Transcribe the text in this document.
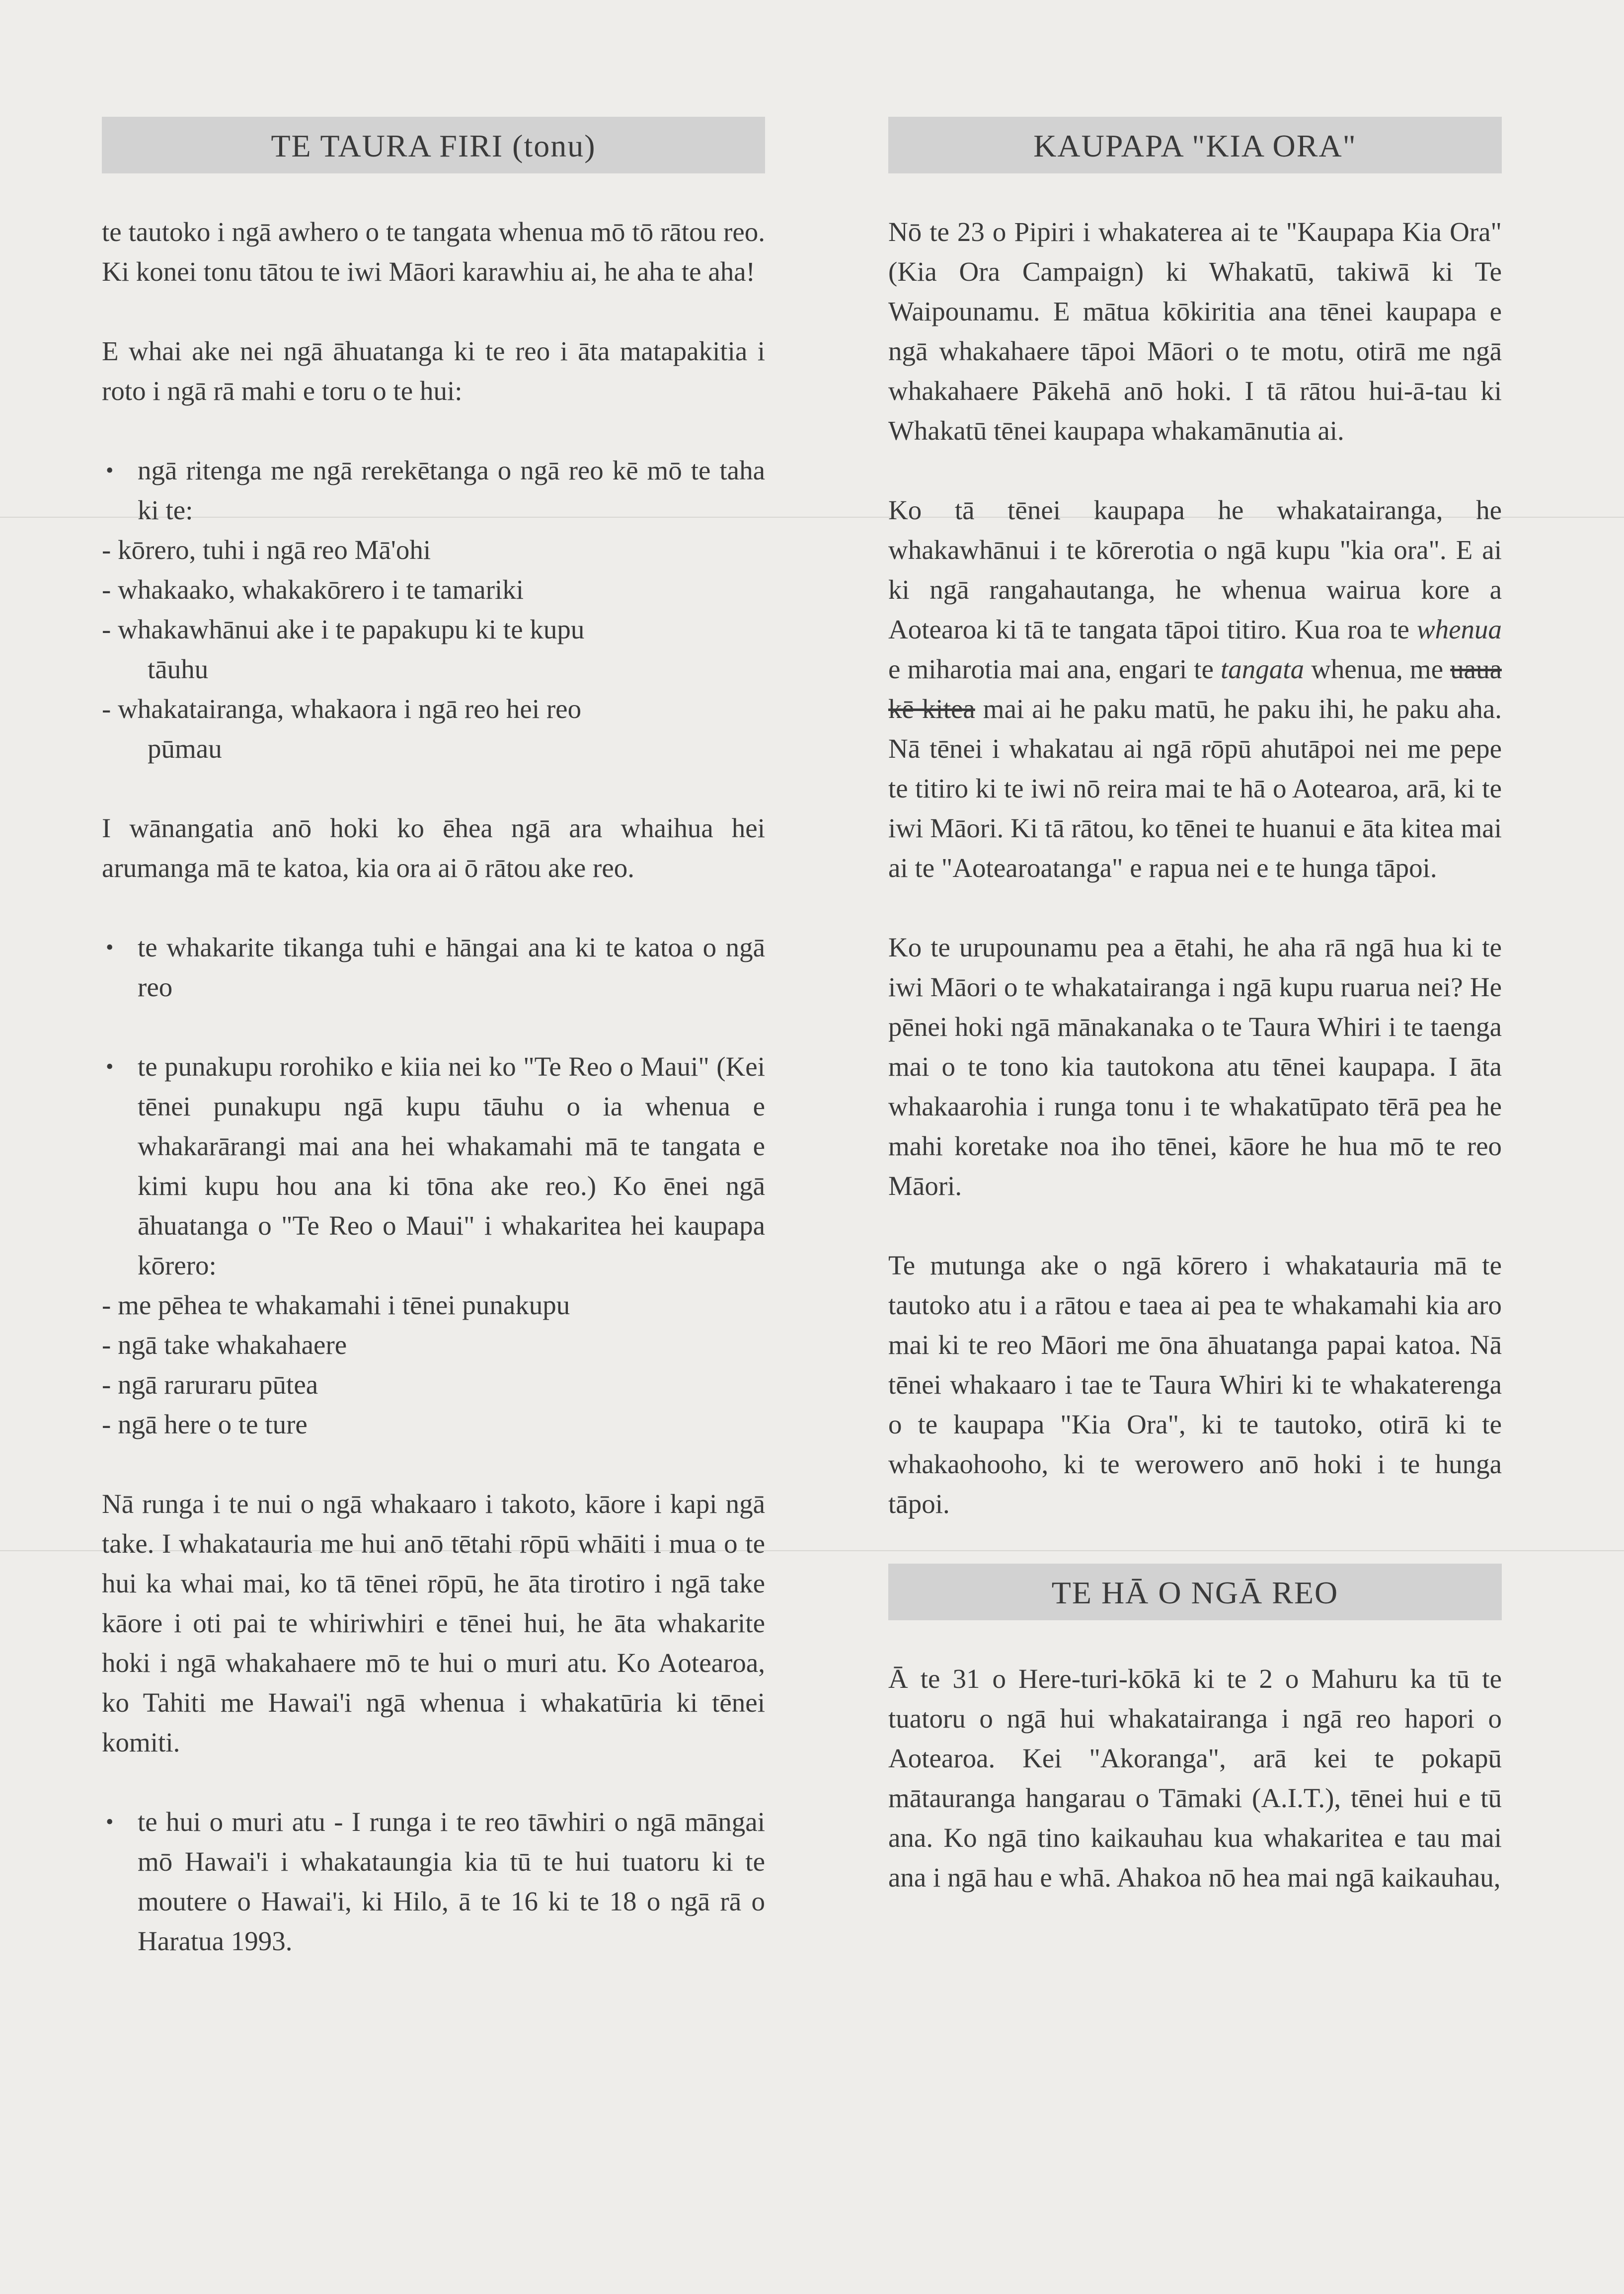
TE TAURA FIRI (tonu)

te tautoko i ngā awhero o te tangata whenua mō tō rātou reo. Ki konei tonu tātou te iwi Māori karawhiu ai, he aha te aha!

E whai ake nei ngā āhuatanga ki te reo i āta matapakitia i roto i ngā rā mahi e toru o te hui:

• ngā ritenga me ngā rerekētanga o ngā reo kē mō te taha ki te:
- kōrero, tuhi i ngā reo Mā'ohi
- whakaako, whakakōrero i te tamariki
- whakawhānui ake i te papakupu ki te kupu
tāuhu
- whakatairanga, whakaora i ngā reo hei reo
pūmau

I wānangatia anō hoki ko ēhea ngā ara whaihua hei arumanga mā te katoa, kia ora ai ō rātou ake reo.

• te whakarite tikanga tuhi e hāngai ana ki te katoa o ngā reo
• te punakupu rorohiko e kiia nei ko "Te Reo o Maui" (Kei tēnei punakupu ngā kupu tāuhu o ia whenua e whakarārangi mai ana hei whakamahi mā te tangata e kimi kupu hou ana ki tōna ake reo.) Ko ēnei ngā āhuatanga o "Te Reo o Maui" i whakaritea hei kaupapa kōrero:
- me pēhea te whakamahi i tēnei punakupu
- ngā take whakahaere
- ngā raruraru pūtea
- ngā here o te ture

Nā runga i te nui o ngā whakaaro i takoto, kāore i kapi ngā take. I whakatauria me hui anō tētahi rōpū whāiti i mua o te hui ka whai mai, ko tā tēnei rōpū, he āta tirotiro i ngā take kāore i oti pai te whiriwhiri e tēnei hui, he āta whakarite hoki i ngā whakahaere mō te hui o muri atu. Ko Aotearoa, ko Tahiti me Hawai'i ngā whenua i whakatūria ki tēnei komiti.

• te hui o muri atu - I runga i te reo tāwhiri o ngā māngai mō Hawai'i i whakataungia kia tū te hui tuatoru ki te moutere o Hawai'i, ki Hilo, ā te 16 ki te 18 o ngā rā o Haratua 1993.
KAUPAPA "KIA ORA"

Nō te 23 o Pipiri i whakaterea ai te "Kaupapa Kia Ora" (Kia Ora Campaign) ki Whakatū, takiwā ki Te Waipounamu. E mātua kōkiritia ana tēnei kaupapa e ngā whakahaere tāpoi Māori o te motu, otirā me ngā whakahaere Pākehā anō hoki. I tā rātou hui-ā-tau ki Whakatū tēnei kaupapa whakamānutia ai.

Ko tā tēnei kaupapa he whakatairanga, he whakawhānui i te kōrerotia o ngā kupu "kia ora". E ai ki ngā rangahautanga, he whenua wairua kore a Aotearoa ki tā te tangata tāpoi titiro. Kua roa te whenua e miharotia mai ana, engari te tangata whenua, me uaua kē kitea mai ai he paku matū, he paku ihi, he paku aha. Nā tēnei i whakatau ai ngā rōpū ahutāpoi nei me pepe te titiro ki te iwi nō reira mai te hā o Aotearoa, arā, ki te iwi Māori. Ki tā rātou, ko tēnei te huanui e āta kitea mai ai te "Aotearoatanga" e rapua nei e te hunga tāpoi.

Ko te urupounamu pea a ētahi, he aha rā ngā hua ki te iwi Māori o te whakatairanga i ngā kupu ruarua nei? He pēnei hoki ngā mānakanaka o te Taura Whiri i te taenga mai o te tono kia tautokona atu tēnei kaupapa. I āta whakaarohia i runga tonu i te whakatūpato tērā pea he mahi koretake noa iho tēnei, kāore he hua mō te reo Māori.

Te mutunga ake o ngā kōrero i whakatauria mā te tautoko atu i a rātou e taea ai pea te whakamahi kia aro mai ki te reo Māori me ōna āhuatanga papai katoa. Nā tēnei whakaaro i tae te Taura Whiri ki te whakaterenga o te kaupapa "Kia Ora", ki te tautoko, otirā ki te whakaohooho, ki te werowero anō hoki i te hunga tāpoi.

TE HĀ O NGĀ REO

Ā te 31 o Here-turi-kōkā ki te 2 o Mahuru ka tū te tuatoru o ngā hui whakatairanga i ngā reo hapori o Aotearoa. Kei "Akoranga", arā kei te pokapū mātauranga hangarau o Tāmaki (A.I.T.), tēnei hui e tū ana. Ko ngā tino kaikauhau kua whakaritea e tau mai ana i ngā hau e whā. Ahakoa nō hea mai ngā kaikauhau,
